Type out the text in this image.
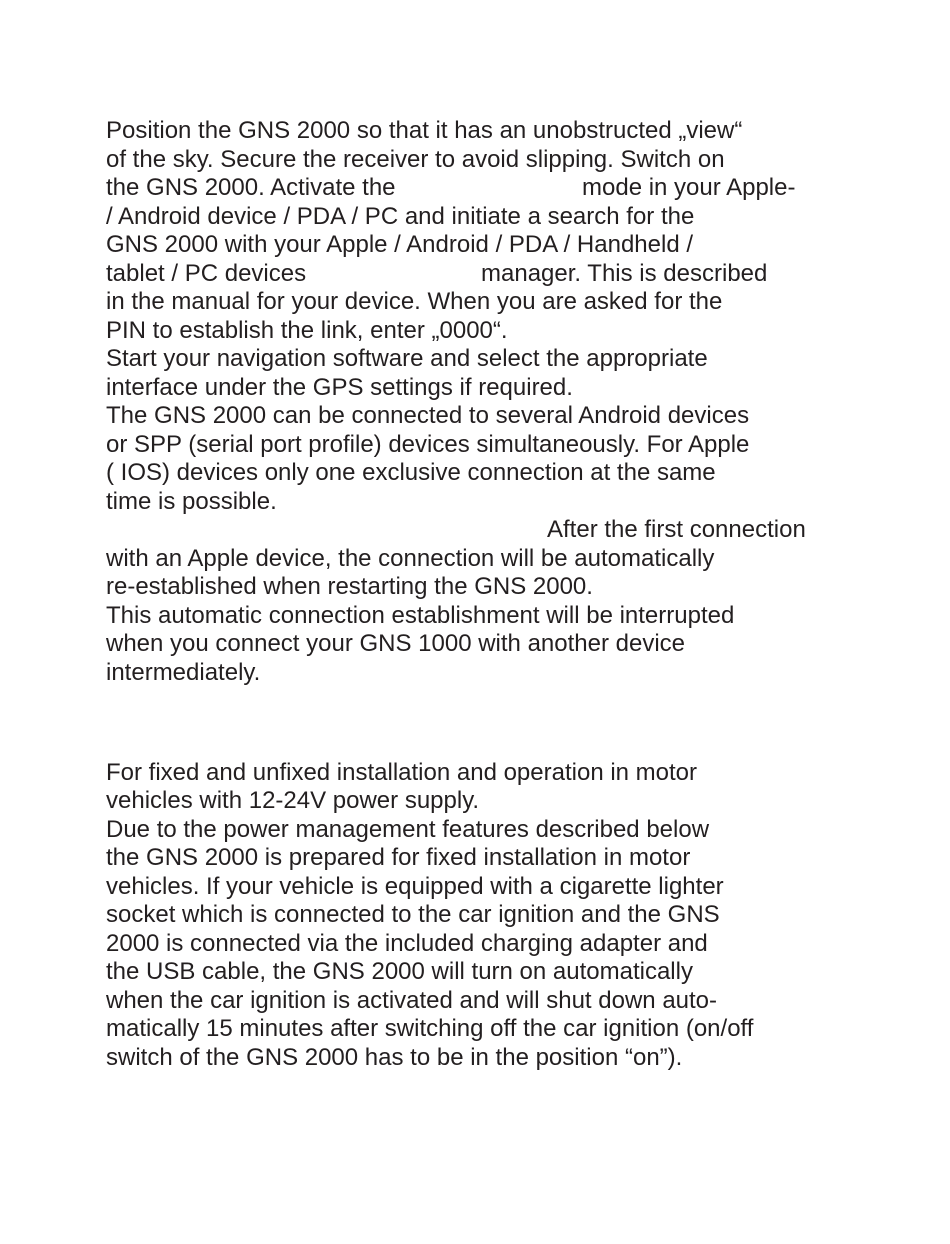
Position the GNS 2000 so that it has an unobstructed „view“
of the sky. Secure the receiver to avoid slipping. Switch on
the GNS 2000. Activate the	mode in your Apple-
/ Android device / PDA / PC and initiate a search for the
GNS 2000 with your Apple / Android / PDA / Handheld /
tablet / PC devices	manager. This is described
in the manual for your device. When you are asked for the
PIN to establish the link, enter „0000“.
Start your navigation software and select the appropriate
interface under the GPS settings if required.
The GNS 2000 can be connected to several Android devices
or SPP (serial port profile) devices simultaneously. For Apple
( IOS) devices only one exclusive connection at the same
time is possible.
After the first connection
with an Apple device, the connection will be automatically
re-established when restarting the GNS 2000.
This automatic connection establishment will be interrupted
when you connect your GNS 1000 with another device
intermediately.
For fixed and unfixed installation and operation in motor
vehicles with 12-24V power supply.
Due to the power management features described below
the GNS 2000 is prepared for fixed installation in motor
vehicles. If your vehicle is equipped with a cigarette lighter
socket which is connected to the car ignition and the GNS
2000 is connected via the included charging adapter and
the USB cable, the GNS 2000 will turn on automatically
when the car ignition is activated and will shut down auto-
matically 15 minutes after switching off the car ignition (on/off
switch of the GNS 2000 has to be in the position “on”).
